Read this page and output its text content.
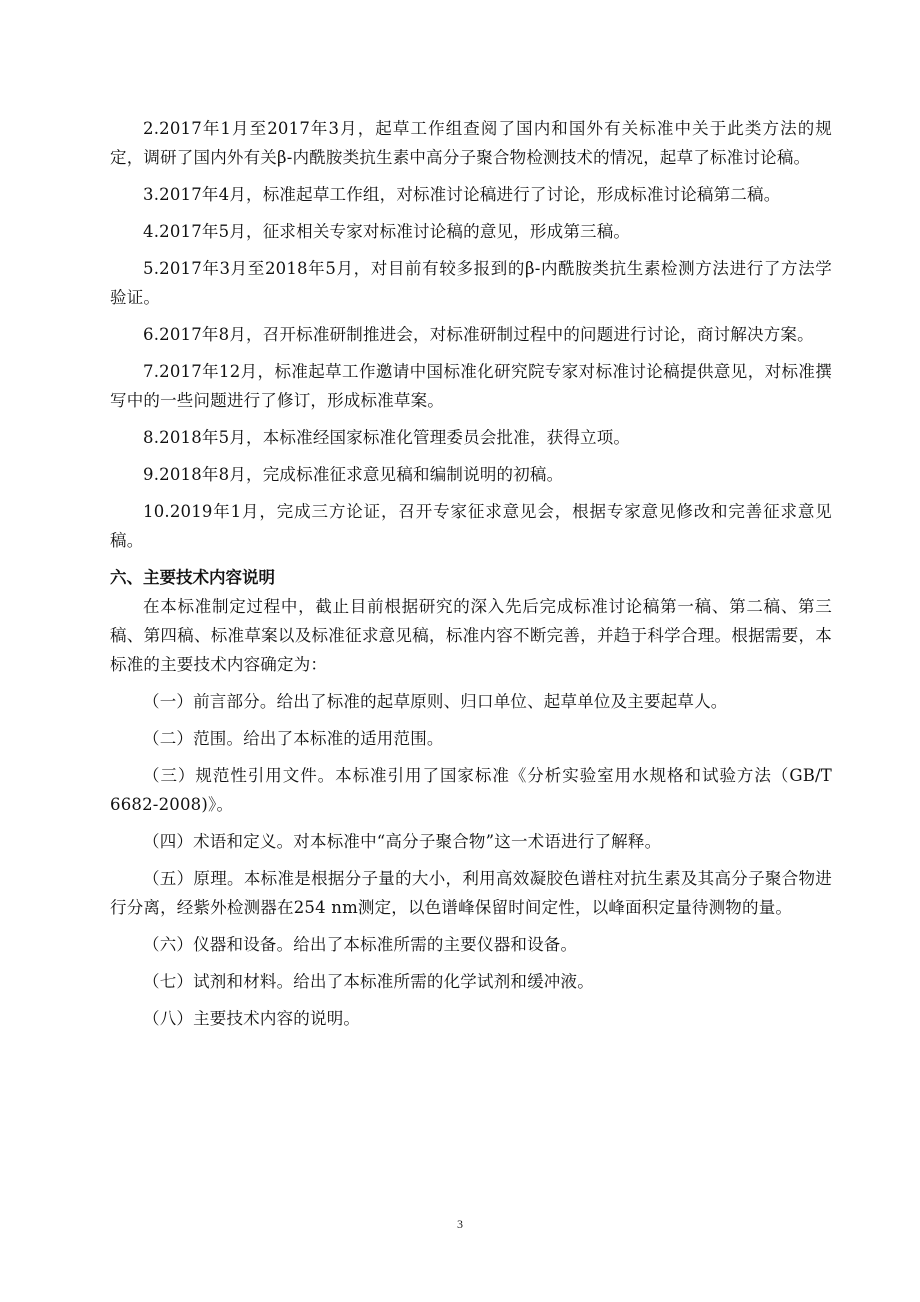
2.2017年1月至2017年3月，起草工作组查阅了国内和国外有关标准中关于此类方法的规定，调研了国内外有关β-内酰胺类抗生素中高分子聚合物检测技术的情况，起草了标准讨论稿。

3.2017年4月，标准起草工作组，对标准讨论稿进行了讨论，形成标准讨论稿第二稿。

4.2017年5月，征求相关专家对标准讨论稿的意见，形成第三稿。

5.2017年3月至2018年5月，对目前有较多报到的β-内酰胺类抗生素检测方法进行了方法学验证。

6.2017年8月，召开标准研制推进会，对标准研制过程中的问题进行讨论，商讨解决方案。

7.2017年12月，标准起草工作邀请中国标准化研究院专家对标准讨论稿提供意见，对标准撰写中的一些问题进行了修订，形成标准草案。

8.2018年5月，本标准经国家标准化管理委员会批准，获得立项。

9.2018年8月，完成标准征求意见稿和编制说明的初稿。

10.2019年1月，完成三方论证，召开专家征求意见会，根据专家意见修改和完善征求意见稿。

六、主要技术内容说明

在本标准制定过程中，截止目前根据研究的深入先后完成标准讨论稿第一稿、第二稿、第三稿、第四稿、标准草案以及标准征求意见稿，标准内容不断完善，并趋于科学合理。根据需要，本标准的主要技术内容确定为：

（一）前言部分。给出了标准的起草原则、归口单位、起草单位及主要起草人。

（二）范围。给出了本标准的适用范围。

（三）规范性引用文件。本标准引用了国家标准《分析实验室用水规格和试验方法（GB/T 6682-2008)》。

（四）术语和定义。对本标准中“高分子聚合物”这一术语进行了解释。

（五）原理。本标准是根据分子量的大小，利用高效凝胶色谱柱对抗生素及其高分子聚合物进行分离，经紫外检测器在254 nm测定，以色谱峰保留时间定性，以峰面积定量待测物的量。

（六）仪器和设备。给出了本标准所需的主要仪器和设备。

（七）试剂和材料。给出了本标准所需的化学试剂和缓冲液。

（八）主要技术内容的说明。

3
